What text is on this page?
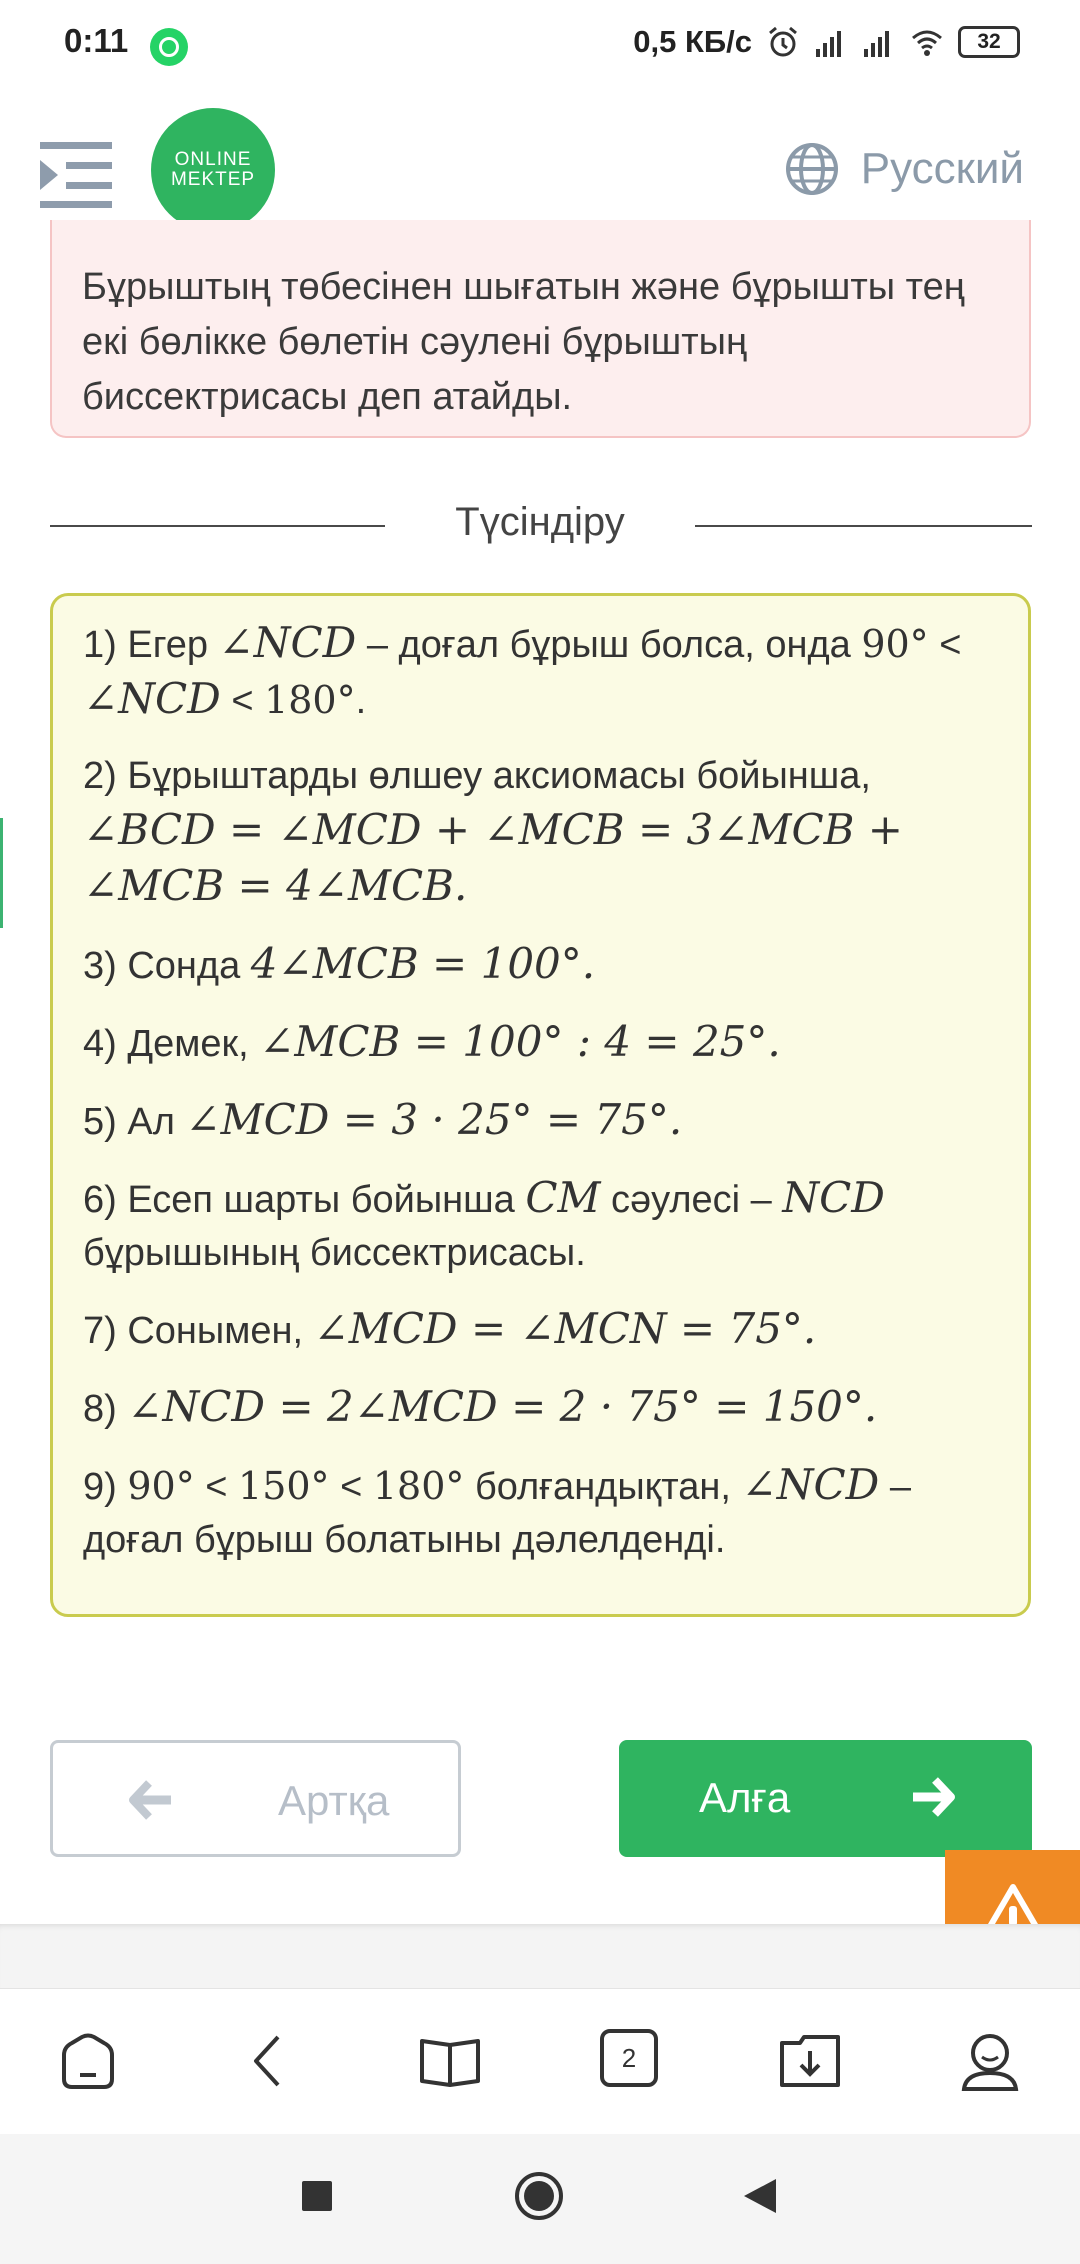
0:11	0,5 КБ/с	32
ONLINE
MEKTEP	Русский
Бұрыштың төбесінен шығатын және бұрышты тең екі бөлікке бөлетін сәулені бұрыштың биссектрисасы деп атайды.
Түсіндіру
1) Егер ∠NCD – доғал бұрыш болса, онда 90° <
∠NCD < 180°.
2) Бұрыштарды өлшеу аксиомасы бойынша,
∠BCD = ∠MCD + ∠MCB = 3∠MCB +
∠MCB = 4∠MCB.
3) Сонда 4∠MCB = 100°.
4) Демек, ∠MCB = 100° : 4 = 25°.
5) Ал ∠MCD = 3 · 25° = 75°.
6) Есеп шарты бойынша CM сәулесі – NCD
бұрышының биссектрисасы.
7) Сонымен, ∠MCD = ∠MCN = 75°.
8) ∠NCD = 2∠MCD = 2 · 75° = 150°.
9) 90° < 150° < 180° болғандықтан, ∠NCD –
доғал бұрыш болатыны дәлелденді.
Артқа	Алға
2
